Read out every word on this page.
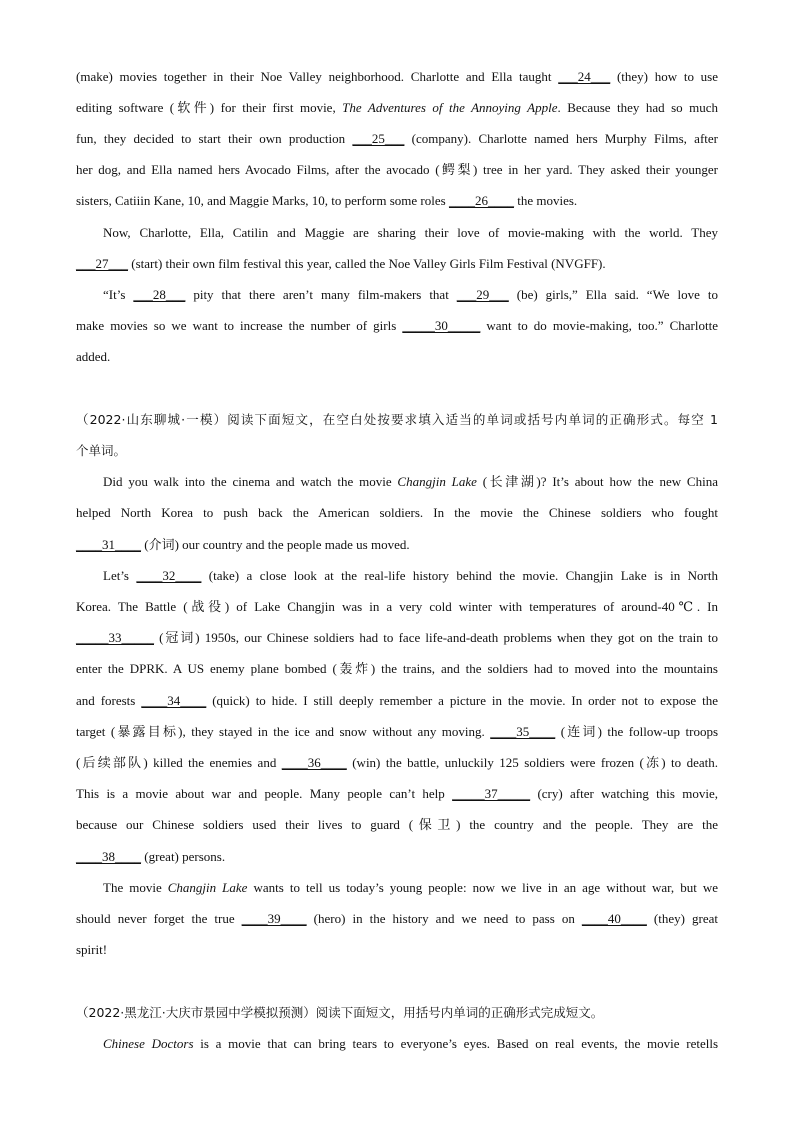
(make) movies together in their Noe Valley neighborhood. Charlotte and Ella taught ___24___ (they) how to use

editing software (软件) for their first movie, The Adventures of the Annoying Apple. Because they had so much

fun, they decided to start their own production ___25___ (company). Charlotte named hers Murphy Films, after

her dog, and Ella named hers Avocado Films, after the avocado (鳄梨) tree in her yard. They asked their younger

sisters, Catiiin Kane, 10, and Maggie Marks, 10, to perform some roles ____26____ the movies.

Now, Charlotte, Ella, Catilin and Maggie are sharing their love of movie-making with the world. They

___27___ (start) their own film festival this year, called the Noe Valley Girls Film Festival (NVGFF).

“It’s ___28___ pity that there aren’t many film-makers that ___29___ (be) girls,” Ella said. “We love to

make movies so we want to increase the number of girls _____30_____ want to do movie-making, too.” Charlotte

added.

（2022·山东聊城·一模）阅读下面短文，在空白处按要求填入适当的单词或括号内单词的正确形式。每空 1

个单词。

Did you walk into the cinema and watch the movie Changjin Lake (长津湖)? It’s about how the new China

helped North Korea to push back the American soldiers. In the movie the Chinese soldiers who fought

____31____ (介词) our country and the people made us moved.

Let’s ____32____ (take) a close look at the real-life history behind the movie. Changjin Lake is in North

Korea. The Battle (战役) of Lake Changjin was in a very cold winter with temperatures of around-40℃. In

_____33_____ (冠词) 1950s, our Chinese soldiers had to face life-and-death problems when they got on the train to

enter the DPRK. A US enemy plane bombed (轰炸) the trains, and the soldiers had to moved into the mountains

and forests ____34____ (quick) to hide. I still deeply remember a picture in the movie. In order not to expose the

target (暴露目标), they stayed in the ice and snow without any moving. ____35____ (连词) the follow-up troops

(后续部队) killed the enemies and ____36____ (win) the battle, unluckily 125 soldiers were frozen (冻) to death.

This is a movie about war and people. Many people can’t help _____37_____ (cry) after watching this movie,

because our Chinese soldiers used their lives to guard (保卫) the country and the people. They are the

____38____ (great) persons.

The movie Changjin Lake wants to tell us today’s young people: now we live in an age without war, but we

should never forget the true ____39____ (hero) in the history and we need to pass on ____40____ (they) great

spirit!

（2022·黑龙江·大庆市景园中学模拟预测）阅读下面短文，用括号内单词的正确形式完成短文。

Chinese Doctors is a movie that can bring tears to everyone’s eyes. Based on real events, the movie retells
